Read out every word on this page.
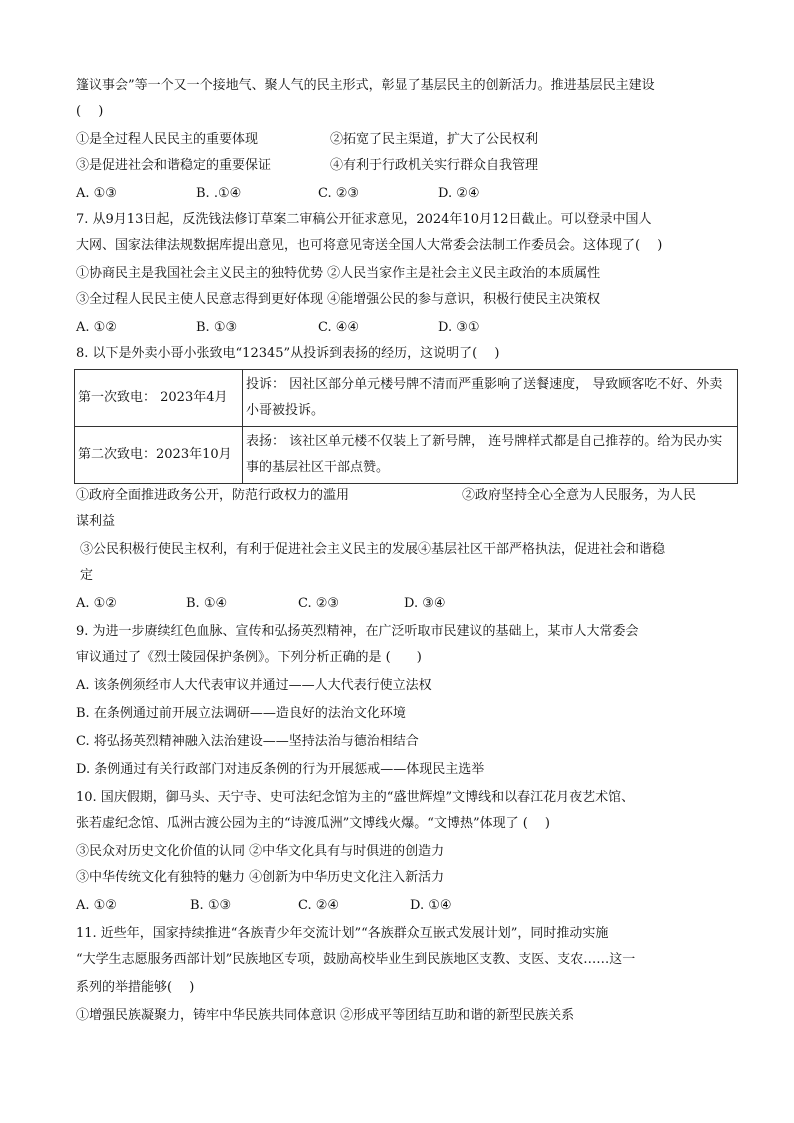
篷议事会”等一个又一个接地气、聚人气的民主形式，彰显了基层民主的创新活力。推进基层民主建设
(　 )
①是全过程人民民主的重要体现	②拓宽了民主渠道，扩大了公民权利
③是促进社会和谐稳定的重要保证	④有利于行政机关实行群众自我管理
A. ①③	B. .①④	C. ②③	D. ②④
7. 从9月13日起，反洗钱法修订草案二审稿公开征求意见，2024年10月12日截止。可以登录中国人
大网、国家法律法规数据库提出意见，也可将意见寄送全国人大常委会法制工作委员会。这体现了(　 )
①协商民主是我国社会主义民主的独特优势 ②人民当家作主是社会主义民主政治的本质属性
③全过程人民民主使人民意志得到更好体现 ④能增强公民的参与意识，积极行使民主决策权
A. ①②	B. ①③	C. ④④	D. ③①
8. 以下是外卖小哥小张致电“12345”从投诉到表扬的经历，这说明了(　 )
第一次致电： 2023年4月	投诉： 因社区部分单元楼号牌不清而严重影响了送餐速度， 导致顾客吃不好、外卖小哥被投诉。
第二次致电：2023年10月	表扬： 该社区单元楼不仅装上了新号牌， 连号牌样式都是自己推荐的。给为民办实事的基层社区干部点赞。
①政府全面推进政务公开，防范行政权力的滥用	②政府坚持全心全意为人民服务，为人民
谋利益
③公民积极行使民主权利，有利于促进社会主义民主的发展④基层社区干部严格执法，促进社会和谐稳
定
A. ①②	B. ①④	C. ②③	D. ③④
9. 为进一步赓续红色血脉、宣传和弘扬英烈精神，在广泛听取市民建议的基础上，某市人大常委会
审议通过了《烈士陵园保护条例》。下列分析正确的是 (　　)
A. 该条例须经市人大代表审议并通过——人大代表行使立法权
B. 在条例通过前开展立法调研——造良好的法治文化环境
C. 将弘扬英烈精神融入法治建设——坚持法治与德治相结合
D. 条例通过有关行政部门对违反条例的行为开展惩戒——体现民主选举
10. 国庆假期，御马头、天宁寺、史可法纪念馆为主的“盛世辉煌”文博线和以春江花月夜艺术馆、
张若虚纪念馆、瓜洲古渡公园为主的“诗渡瓜洲”文博线火爆。“文博热”体现了 (　 )
③民众对历史文化价值的认同 ②中华文化具有与时俱进的创造力
③中华传统文化有独特的魅力 ④创新为中华历史文化注入新活力
A. ①②	B. ①③	C. ②④	D. ①④
11. 近些年，国家持续推进“各族青少年交流计划”“各族群众互嵌式发展计划”，同时推动实施
“大学生志愿服务西部计划”民族地区专项，鼓励高校毕业生到民族地区支教、支医、支农……这一
系列的举措能够(　 )
①增强民族凝聚力，铸牢中华民族共同体意识 ②形成平等团结互助和谐的新型民族关系
